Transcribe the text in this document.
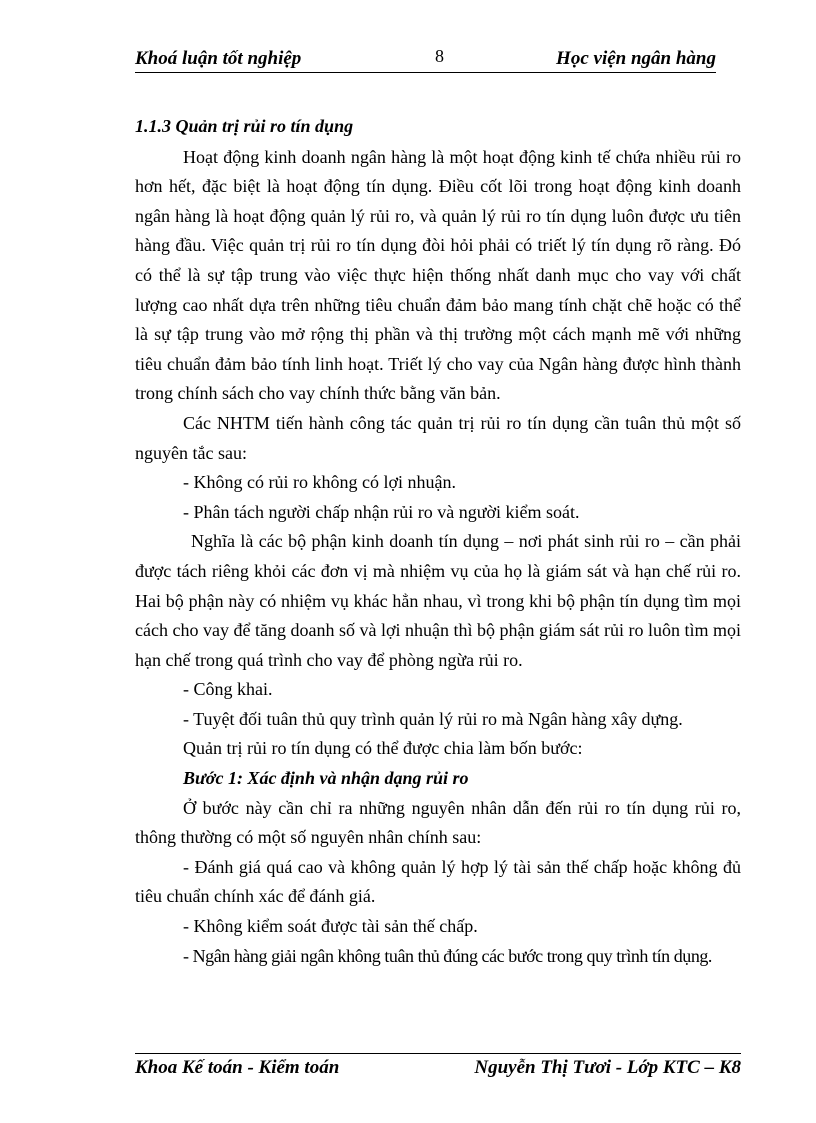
Khoá luận tốt nghiệp	8	Học viện ngân hàng

1.1.3 Quản trị rủi ro tín dụng

Hoạt động kinh doanh ngân hàng là một hoạt động kinh tế chứa nhiều rủi ro hơn hết, đặc biệt là hoạt động tín dụng. Điều cốt lõi trong hoạt động kinh doanh ngân hàng là hoạt động quản lý rủi ro, và quản lý rủi ro tín dụng luôn được ưu tiên hàng đầu. Việc quản trị rủi ro tín dụng đòi hỏi phải có triết lý tín dụng rõ ràng. Đó có thể là sự tập trung vào việc thực hiện thống nhất danh mục cho vay với chất lượng cao nhất dựa trên những tiêu chuẩn đảm bảo mang tính chặt chẽ hoặc có thể là sự tập trung vào mở rộng thị phần và thị trường một cách mạnh mẽ với những tiêu chuẩn đảm bảo tính linh hoạt. Triết lý cho vay của Ngân hàng được hình thành trong chính sách cho vay chính thức bằng văn bản.

Các NHTM tiến hành công tác quản trị rủi ro tín dụng cần tuân thủ một số nguyên tắc sau:

- Không có rủi ro không có lợi nhuận.

- Phân tách người chấp nhận rủi ro và người kiểm soát.

Nghĩa là các bộ phận kinh doanh tín dụng – nơi phát sinh rủi ro – cần phải được tách riêng khỏi các đơn vị mà nhiệm vụ của họ là giám sát và hạn chế rủi ro. Hai bộ phận này có nhiệm vụ khác hẳn nhau, vì trong khi bộ phận tín dụng tìm mọi cách cho vay để tăng doanh số và lợi nhuận thì bộ phận giám sát rủi ro luôn tìm mọi hạn chế trong quá trình cho vay để phòng ngừa rủi ro.

- Công khai.

- Tuyệt đối tuân thủ quy trình quản lý rủi ro mà Ngân hàng xây dựng.

Quản trị rủi ro tín dụng có thể được chia làm bốn bước:

Bước 1: Xác định và nhận dạng rủi ro

Ở bước này cần chỉ ra những nguyên nhân dẫn đến rủi ro tín dụng rủi ro, thông thường có một số nguyên nhân chính sau:

- Đánh giá quá cao và không quản lý hợp lý tài sản thế chấp hoặc không đủ tiêu chuẩn chính xác để đánh giá.

- Không kiểm soát được tài sản thế chấp.

- Ngân hàng giải ngân không tuân thủ đúng các bước trong quy trình tín dụng.

Khoa Kế toán - Kiểm toán	Nguyễn Thị Tươi - Lớp KTC – K8
